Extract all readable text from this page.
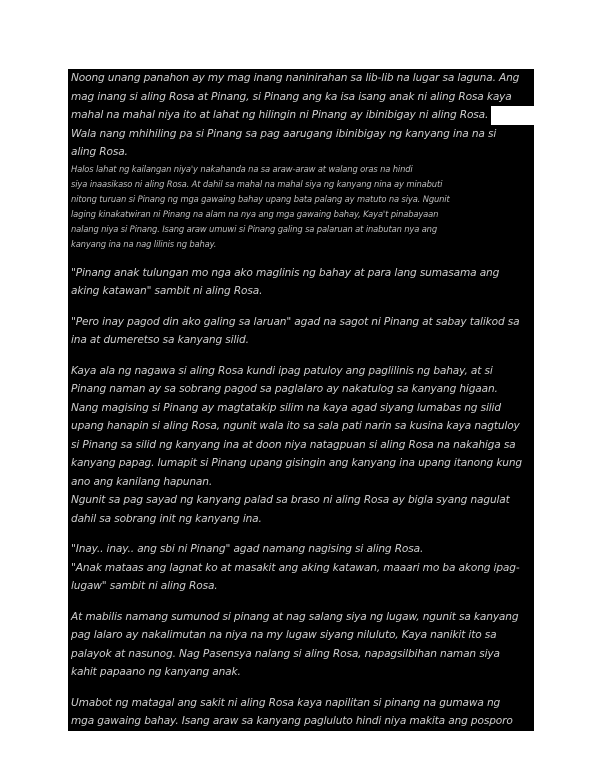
Noong unang panahon ay my mag inang naninirahan sa lib-lib na lugar sa laguna. Ang
mag inang si aling Rosa at Pinang, si Pinang ang ka isa isang anak ni aling Rosa kaya
mahal na mahal niya ito at lahat ng hilingin ni Pinang ay ibinibigay ni aling Rosa.
Wala nang mhihiling pa si Pinang sa pag aarugang ibinibigay ng kanyang ina na si
aling Rosa.
Halos lahat ng kailangan niya'y nakahanda na sa araw-araw at walang oras na hindi
siya inaasikaso ni aling Rosa. At dahil sa mahal na mahal siya ng kanyang nina ay minabuti
nitong turuan si Pinang ng mga gawaing bahay upang bata palang ay matuto na siya. Ngunit
laging kinakatwiran ni Pinang na alam na nya ang mga gawaing bahay, Kaya't pinabayaan
nalang niya si Pinang. Isang araw umuwi si Pinang galing sa palaruan at inabutan nya ang
kanyang ina na nag lilinis ng bahay.
"Pinang anak tulungan mo nga ako maglinis ng bahay at para lang sumasama ang
aking katawan" sambit ni aling Rosa.
"Pero inay pagod din ako galing sa laruan" agad na sagot ni Pinang at sabay talikod sa
ina at dumeretso sa kanyang silid.
Kaya ala ng nagawa si aling Rosa kundi ipag patuloy ang paglilinis ng bahay, at si
Pinang naman ay sa sobrang pagod sa paglalaro ay nakatulog sa kanyang higaan.
Nang magising si Pinang ay magtatakip silim na kaya agad siyang lumabas ng silid
upang hanapin si aling Rosa, ngunit wala ito sa sala pati narin sa kusina kaya nagtuloy
si Pinang sa silid ng kanyang ina at doon niya natagpuan si aling Rosa na nakahiga sa
kanyang papag. lumapit si Pinang upang gisingin ang kanyang ina upang itanong kung
ano ang kanilang hapunan.
Ngunit sa pag sayad ng kanyang palad sa braso ni aling Rosa ay bigla syang nagulat
dahil sa sobrang init ng kanyang ina.
"Inay.. inay.. ang sbi ni Pinang" agad namang nagising si aling Rosa.
"Anak mataas ang lagnat ko at masakit ang aking katawan, maaari mo ba akong ipag-
lugaw" sambit ni aling Rosa.
At mabilis namang sumunod si pinang at nag salang siya ng lugaw, ngunit sa kanyang
pag lalaro ay nakalimutan na niya na my lugaw siyang niluluto, Kaya nanikit ito sa
palayok at nasunog. Nag Pasensya nalang si aling Rosa, napagsilbihan naman siya
kahit papaano ng kanyang anak.
Umabot ng matagal ang sakit ni aling Rosa kaya napilitan si pinang na gumawa ng
mga gawaing bahay. Isang araw sa kanyang pagluluto hindi niya makita ang posporo
